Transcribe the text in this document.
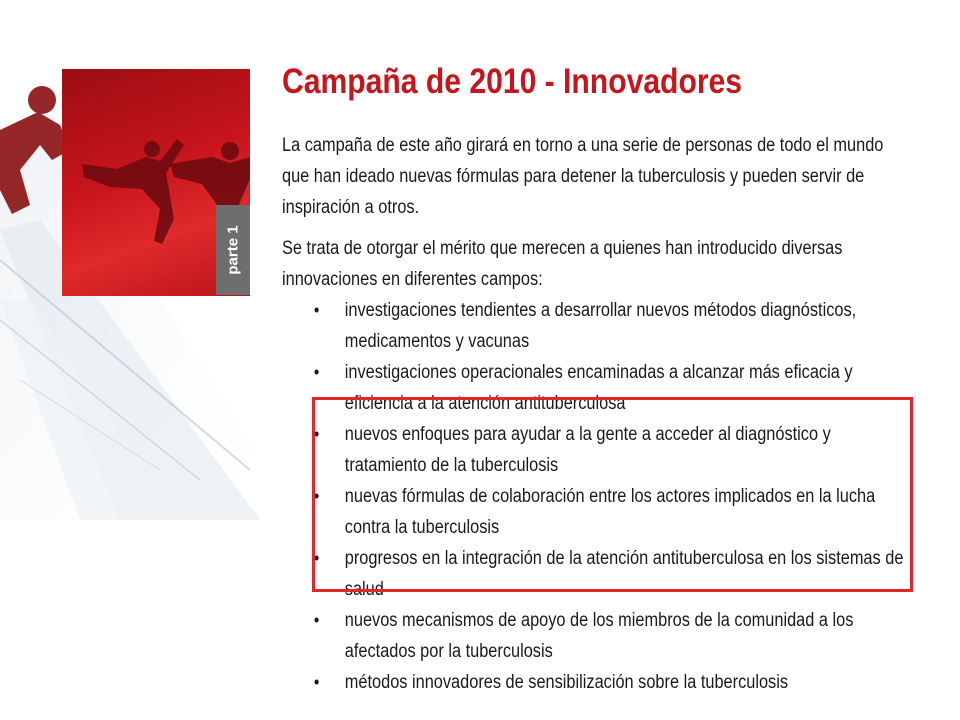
parte 1
Campaña de 2010 - Innovadores

La campaña de este año girará en torno a una serie de personas de todo el mundo que han ideado nuevas fórmulas para detener la tuberculosis y pueden servir de inspiración a otros.

Se trata de otorgar el mérito que merecen a quienes han introducido diversas innovaciones en diferentes campos:

• investigaciones tendientes a desarrollar nuevos métodos diagnósticos, medicamentos y vacunas
• investigaciones operacionales encaminadas a alcanzar más eficacia y eficiencia a la atención antituberculosa
• nuevos enfoques para ayudar a la gente a acceder al diagnóstico y tratamiento de la tuberculosis
• nuevas fórmulas de colaboración entre los actores implicados en la lucha contra la tuberculosis
• progresos en la integración de la atención antituberculosa en los sistemas de salud
• nuevos mecanismos de apoyo de los miembros de la comunidad a los afectados por la tuberculosis
• métodos innovadores de sensibilización sobre la tuberculosis
